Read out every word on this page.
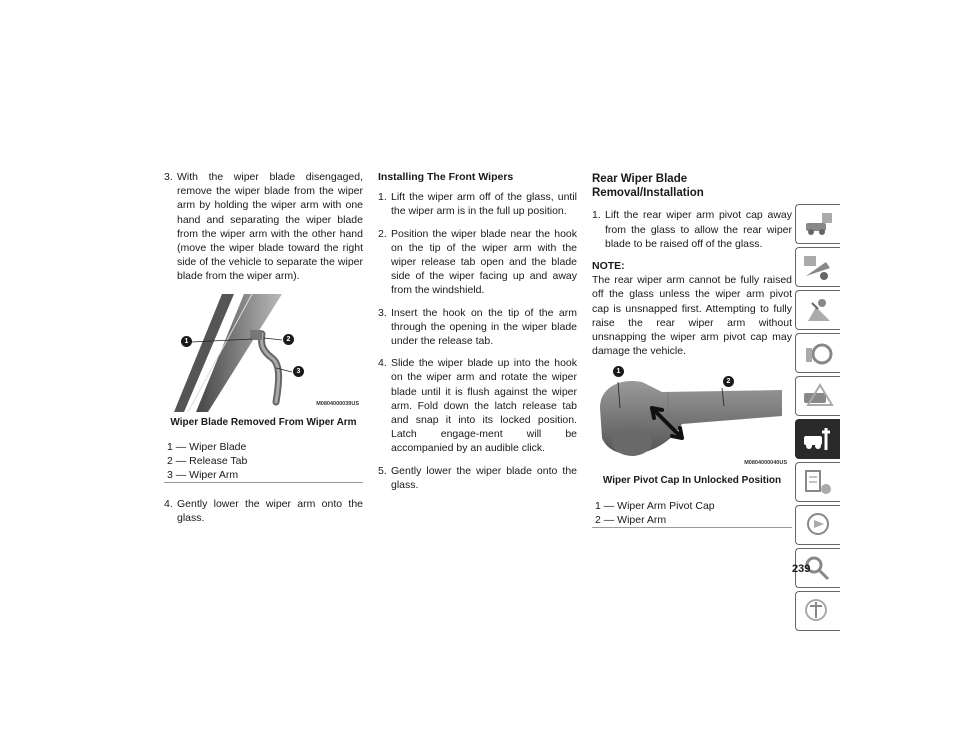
3. With the wiper blade disengaged, remove the wiper blade from the wiper arm by holding the wiper arm with one hand and separating the wiper blade from the wiper arm with the other hand (move the wiper blade toward the right side of the vehicle to separate the wiper blade from the wiper arm).

1	2
3
M0804000039US
Wiper Blade Removed From Wiper Arm
1 — Wiper Blade
2 — Release Tab
3 — Wiper Arm

4. Gently lower the wiper arm onto the glass.

Installing The Front Wipers

1. Lift the wiper arm off of the glass, until the wiper arm is in the full up position.

2. Position the wiper blade near the hook on the tip of the wiper arm with the wiper release tab open and the blade side of the wiper facing up and away from the windshield.

3. Insert the hook on the tip of the arm through the opening in the wiper blade under the release tab.

4. Slide the wiper blade up into the hook on the wiper arm and rotate the wiper blade until it is flush against the wiper arm. Fold down the latch release tab and snap it into its locked position. Latch engage-ment will be accompanied by an audible click.

5. Gently lower the wiper blade onto the glass.

Rear Wiper Blade Removal/Installation

1. Lift the rear wiper arm pivot cap away from the glass to allow the rear wiper blade to be raised off of the glass.

NOTE:

The rear wiper arm cannot be fully raised off the glass unless the wiper arm pivot cap is unsnapped first. Attempting to fully raise the rear wiper arm without unsnapping the wiper arm pivot cap may damage the vehicle.

1
2
M0804000040US
Wiper Pivot Cap In Unlocked Position
1 — Wiper Arm Pivot Cap
2 — Wiper Arm
239
